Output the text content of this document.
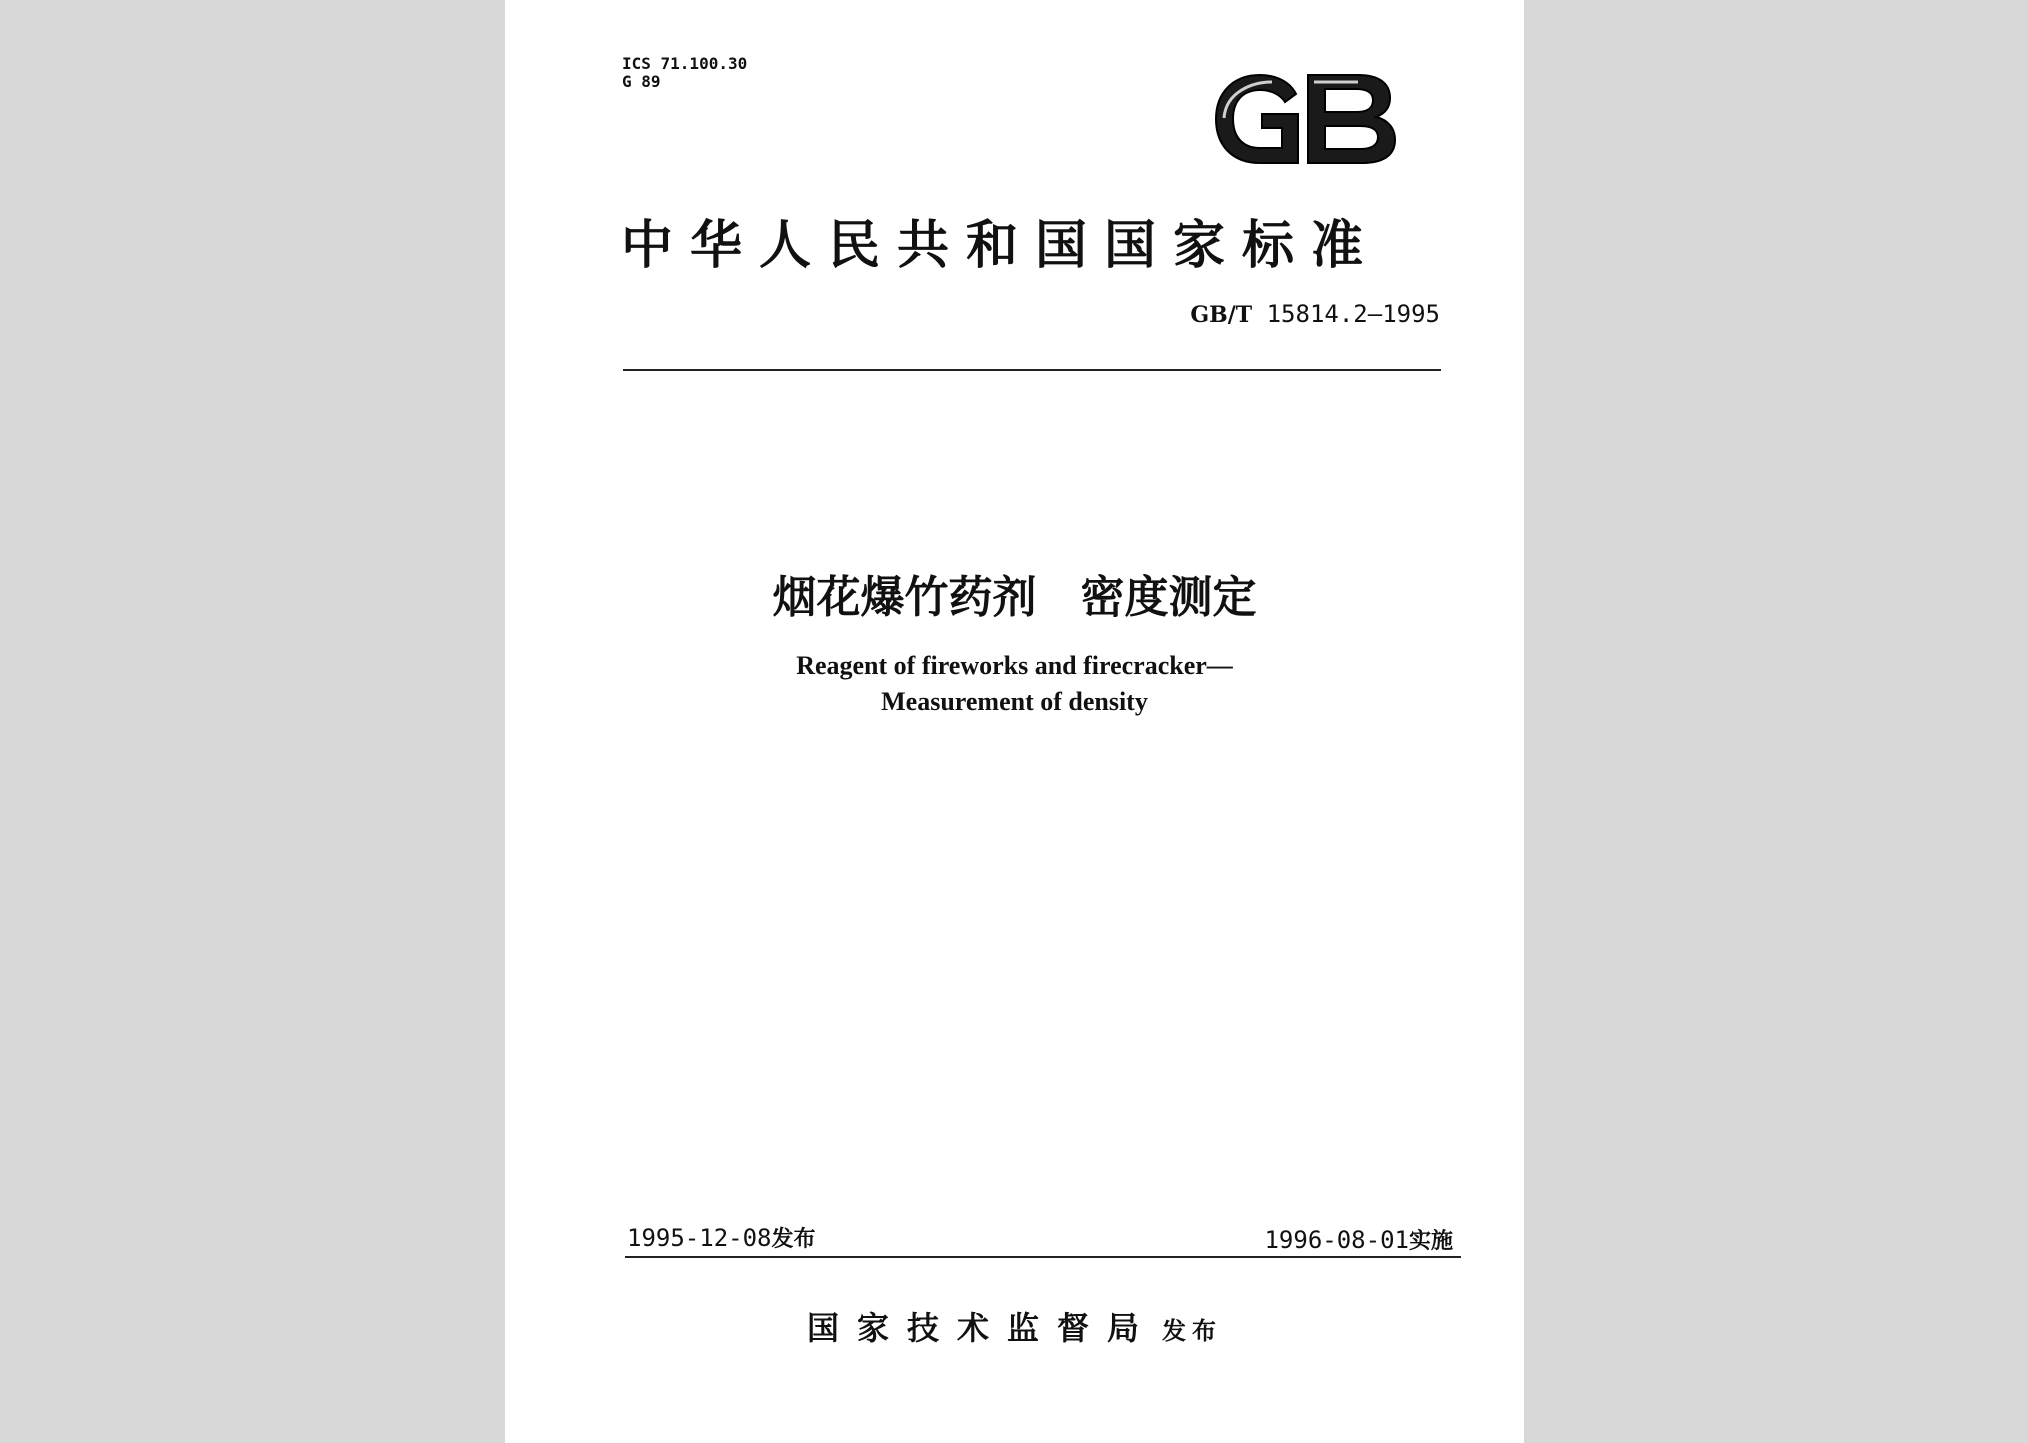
ICS 71.100.30
G 89
中华人民共和国国家标准
GB/T 15814.2—1995
烟花爆竹药剂　密度测定
Reagent of fireworks and firecracker—
Measurement of density
1995-12-08发布	1996-08-01实施
国家技术监督局 发布
